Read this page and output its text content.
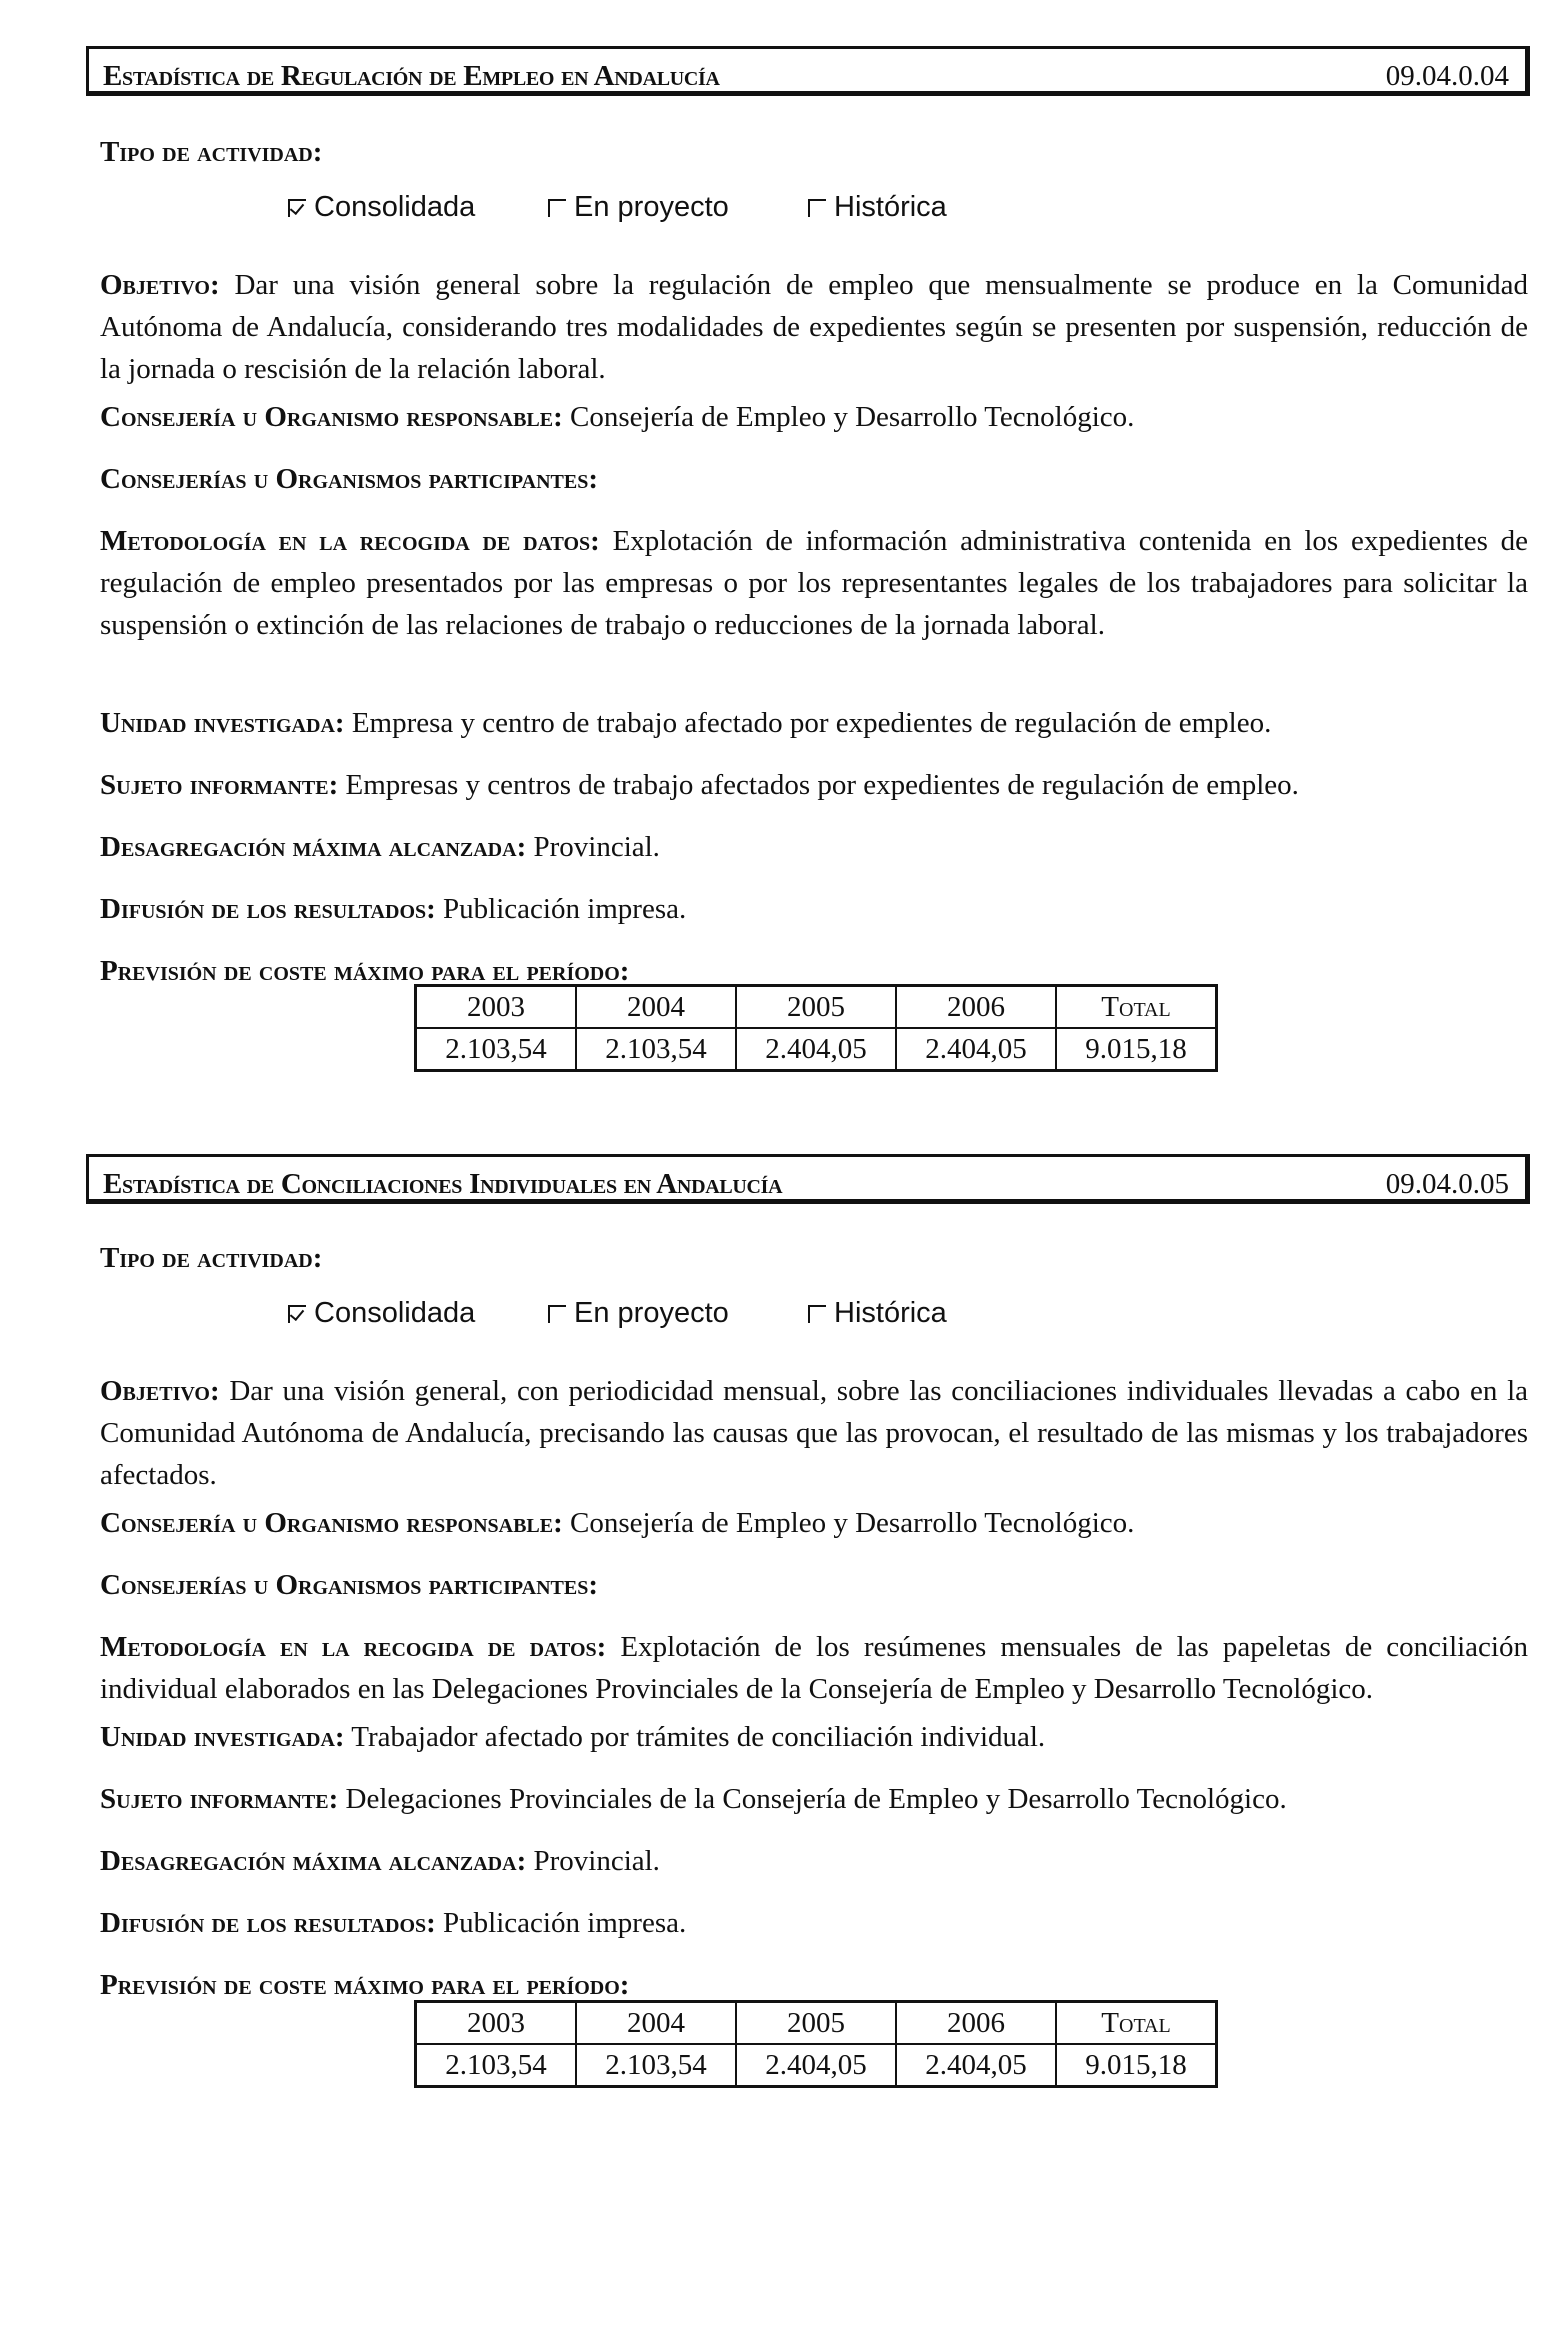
Estadística de Regulación de Empleo en Andalucía	09.04.0.04

Tipo de actividad:

Consolidada	En proyecto	Histórica

Objetivo: Dar una visión general sobre la regulación de empleo que mensualmente se produce en la Comunidad Autónoma de Andalucía, considerando tres modalidades de expedientes según se presenten por suspensión, reducción de la jornada o rescisión de la relación laboral.

Consejería u Organismo responsable: Consejería de Empleo y Desarrollo Tecnológico.

Consejerías u Organismos participantes:

Metodología en la recogida de datos: Explotación de información administrativa contenida en los expedientes de regulación de empleo presentados por las empresas o por los representantes legales de los trabajadores para solicitar la suspensión o extinción de las relaciones de trabajo o reducciones de la jornada laboral.

Unidad investigada: Empresa y centro de trabajo afectado por expedientes de regulación de empleo.

Sujeto informante: Empresas y centros de trabajo afectados por expedientes de regulación de empleo.

Desagregación máxima alcanzada: Provincial.

Difusión de los resultados: Publicación impresa.

Previsión de coste máximo para el período:

2003	2004	2005	2006	Total
2.103,54	2.103,54	2.404,05	2.404,05	9.015,18
Estadística de Conciliaciones Individuales en Andalucía	09.04.0.05

Tipo de actividad:

Consolidada	En proyecto	Histórica

Objetivo: Dar una visión general, con periodicidad mensual, sobre las conciliaciones individuales llevadas a cabo en la Comunidad Autónoma de Andalucía, precisando las causas que las provocan, el resultado de las mismas y los trabajadores afectados.

Consejería u Organismo responsable: Consejería de Empleo y Desarrollo Tecnológico.

Consejerías u Organismos participantes:

Metodología en la recogida de datos: Explotación de los resúmenes mensuales de las papeletas de conciliación individual elaborados en las Delegaciones Provinciales de la Consejería de Empleo y Desarrollo Tecnológico.

Unidad investigada: Trabajador afectado por trámites de conciliación individual.

Sujeto informante: Delegaciones Provinciales de la Consejería de Empleo y Desarrollo Tecnológico.

Desagregación máxima alcanzada: Provincial.

Difusión de los resultados: Publicación impresa.

Previsión de coste máximo para el período:

2003	2004	2005	2006	Total
2.103,54	2.103,54	2.404,05	2.404,05	9.015,18
